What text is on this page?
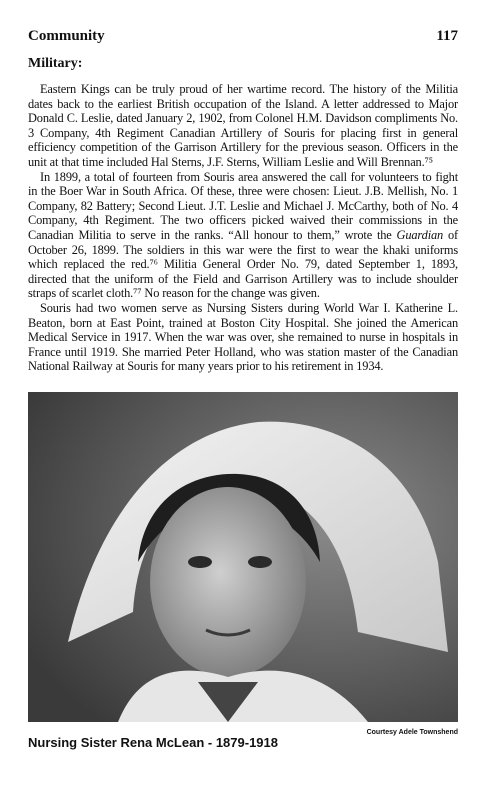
Community	117
Military:

Eastern Kings can be truly proud of her wartime record. The history of the Militia dates back to the earliest British occupation of the Island. A letter addressed to Major Donald C. Leslie, dated January 2, 1902, from Colonel H.M. Davidson compliments No. 3 Company, 4th Regiment Canadian Artillery of Souris for placing first in general efficiency competition of the Garrison Artillery for the previous season. Officers in the unit at that time included Hal Sterns, J.F. Sterns, William Leslie and Will Brennan.⁷⁵

In 1899, a total of fourteen from Souris area answered the call for volunteers to fight in the Boer War in South Africa. Of these, three were chosen: Lieut. J.B. Mellish, No. 1 Company, 82 Battery; Second Lieut. J.T. Leslie and Michael J. McCarthy, both of No. 4 Company, 4th Regiment. The two officers picked waived their commissions in the Canadian Militia to serve in the ranks. “All honour to them,” wrote the Guardian of October 26, 1899. The soldiers in this war were the first to wear the khaki uniforms which replaced the red.⁷⁶ Militia General Order No. 79, dated September 1, 1893, directed that the uniform of the Field and Garrison Artillery was to include shoulder straps of scarlet cloth.⁷⁷ No reason for the change was given.

Souris had two women serve as Nursing Sisters during World War I. Katherine L. Beaton, born at East Point, trained at Boston City Hospital. She joined the American Medical Service in 1917. When the war was over, she remained to nurse in hospitals in France until 1919. She married Peter Holland, who was station master of the Canadian National Railway at Souris for many years prior to his retirement in 1934.

Courtesy Adele Townshend
Nursing Sister Rena McLean - 1879-1918
